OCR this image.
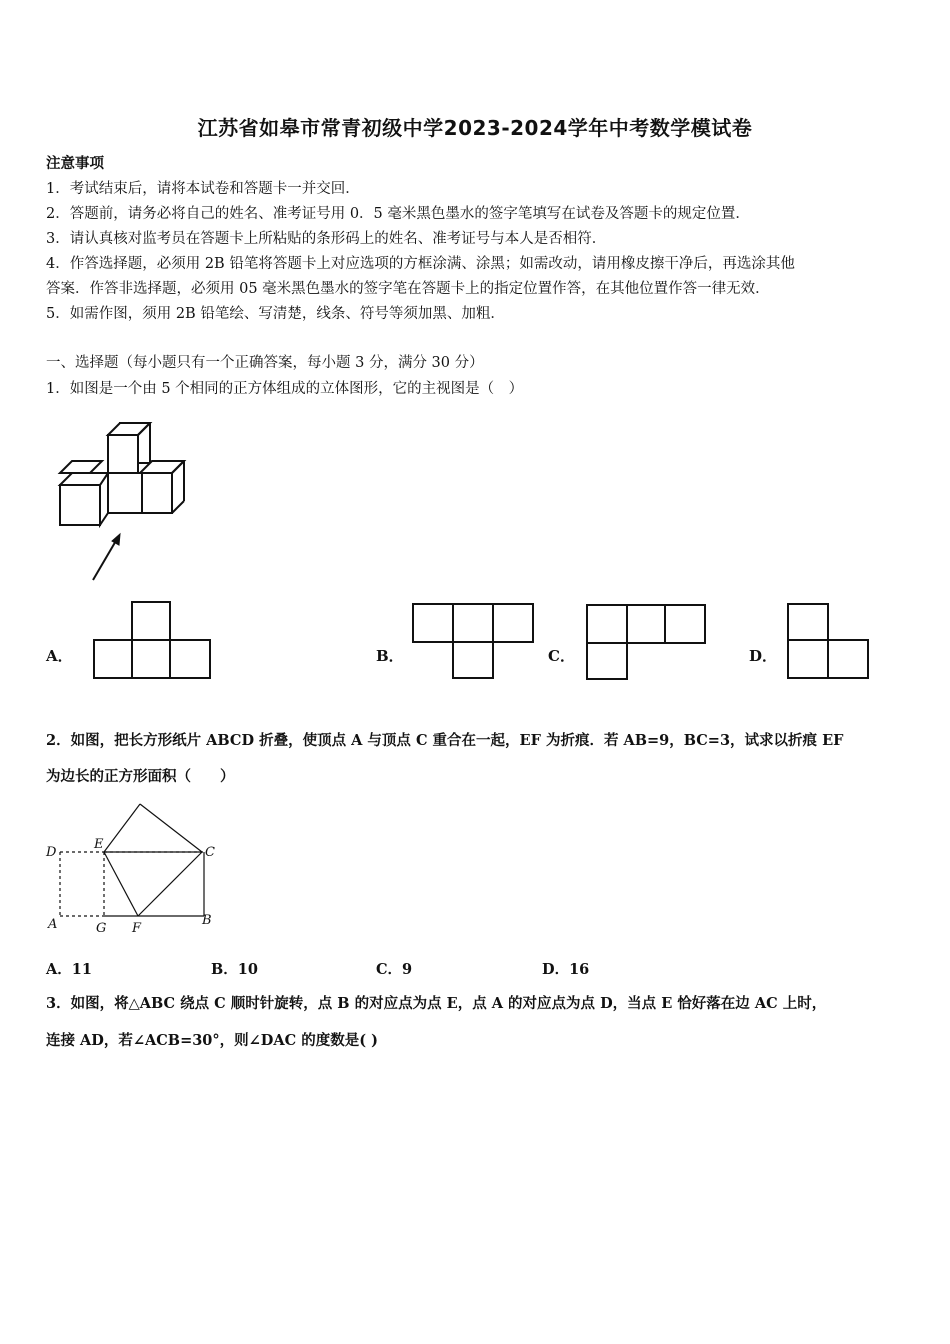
江苏省如皋市常青初级中学2023-2024学年中考数学模试卷
注意事项
1．考试结束后，请将本试卷和答题卡一并交回．
2．答题前，请务必将自己的姓名、准考证号用 0．5 毫米黑色墨水的签字笔填写在试卷及答题卡的规定位置．
3．请认真核对监考员在答题卡上所粘贴的条形码上的姓名、准考证号与本人是否相符．
4．作答选择题，必须用 2B 铅笔将答题卡上对应选项的方框涂满、涂黑；如需改动，请用橡皮擦干净后，再选涂其他
答案．作答非选择题，必须用 05 毫米黑色墨水的签字笔在答题卡上的指定位置作答，在其他位置作答一律无效．
5．如需作图，须用 2B 铅笔绘、写清楚，线条、符号等须加黑、加粗．
一、选择题（每小题只有一个正确答案，每小题 3 分，满分 30 分）
1．如图是一个由 5 个相同的正方体组成的立体图形，它的主视图是（　）
A．	B．	C．	D．
2．如图，把长方形纸片 ABCD 折叠，使顶点 A 与顶点 C 重合在一起，EF 为折痕．若 AB=9，BC=3，试求以折痕 EF
为边长的正方形面积（　　）
D
E
C
A	G F
B
A．11	B．10	C．9	D．16
3．如图，将△ABC 绕点 C 顺时针旋转，点 B 的对应点为点 E，点 A 的对应点为点 D，当点 E 恰好落在边 AC 上时，
连接 AD，若∠ACB=30°，则∠DAC 的度数是( )
